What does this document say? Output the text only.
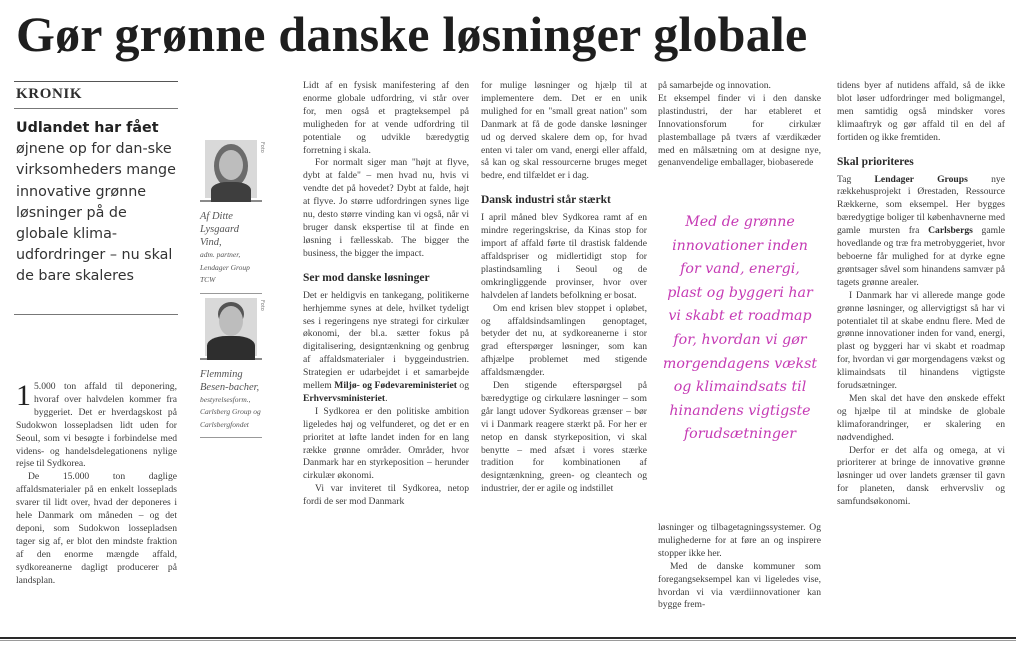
Gør grønne danske løsninger globale
KRONIK
Udlandet har fået øjnene op for dan-ske virksomheders mange innovative grønne løsninger på de globale klima-udfordringer – nu skal de bare skaleres

1 5.000 ton affald til deponering, hvoraf over halvdelen kommer fra byggeriet. Det er hverdagskost på Sudokwon lossepladsen lidt uden for Seoul, som vi besøgte i forbindelse med videns- og handelsdelegationens nylige rejse til Sydkorea.

De 15.000 ton daglige affaldsmaterialer på en enkelt losseplads svarer til lidt over, hvad der deponeres i hele Danmark om måneden – og det deponi, som Sudokwon lossepladsen tager sig af, er blot den mindste fraktion af den enorme mængde affald, sydkoreanerne dagligt producerer på landsplan.

Foto
Af Ditte Lysgaard Vind,
adm. partner, Lendager Group TCW
Foto
Flemming Besen-bacher,
bestyrelsesform., Carlsberg Group og Carlsbergfondet

Lidt af en fysisk manifestering af den enorme globale udfordring, vi står over for, men også et pragteksempel på muligheden for at vende udfordring til potentiale og udvikle bæredygtig forretning i skala.

For normalt siger man "højt at flyve, dybt at falde" – men hvad nu, hvis vi vendte det på hovedet? Dybt at falde, højt at flyve. Jo større udfordringen synes lige nu, desto større vinding kan vi også, når vi bruger dansk ekspertise til at finde en løsning i fællesskab. The bigger the business, the bigger the impact.

Ser mod danske løsninger

Det er heldigvis en tankegang, politikerne herhjemme synes at dele, hvilket tydeligt ses i regeringens nye strategi for cirkulær økonomi, der bl.a. sætter fokus på digitalisering, designtænkning og genbrug af affaldsmaterialer i byggeindustrien. Strategien er udarbejdet i et samarbejde mellem Miljø- og Fødevareministeriet og Erhvervsministeriet.

I Sydkorea er den politiske ambition ligeledes høj og velfunderet, og det er en prioritet at løfte landet inden for en lang række grønne områder. Områder, hvor Danmark har en styrkeposition – herunder cirkulær økonomi.

Vi var inviteret til Sydkorea, netop fordi de ser mod Danmark

for mulige løsninger og hjælp til at implementere dem. Det er en unik mulighed for en "small great nation" som Danmark at få de gode danske løsninger ud og derved skalere dem op, for hvad enten vi taler om vand, energi eller affald, så kan og skal ressourcerne bruges meget bedre, end tilfældet er i dag.

Dansk industri står stærkt

I april måned blev Sydkorea ramt af en mindre regeringskrise, da Kinas stop for import af affald førte til drastisk faldende affaldspriser og midlertidigt stop for plastindsamling i Seoul og de omkringliggende provinser, hvor over halvdelen af landets befolkning er bosat.

Om end krisen blev stoppet i opløbet, og affaldsindsamlingen genoptaget, betyder det nu, at sydkoreanerne i stor grad efterspørger løsninger, som kan afhjælpe problemet med stigende affaldsmængder.

Den stigende efterspørgsel på bæredygtige og cirkulære løsninger – som går langt udover Sydkoreas grænser – bør vi i Danmark reagere stærkt på. For her er netop en dansk styrkeposition, vi skal benytte – med afsæt i vores stærke tradition for kombinationen af designtænkning, green- og cleantech og industrier, der er agile og indstillet

på samarbejde og innovation.

Et eksempel finder vi i den danske plastindustri, der har etableret et Innovationsforum for cirkulær plastemballage på tværs af værdikæder med en målsætning om at designe nye, genanvendelige emballager, biobaserede

Med de grønne innovationer inden for vand, energi, plast og byggeri har vi skabt et roadmap for, hvordan vi gør morgendagens vækst og klimaindsats til hinandens vigtigste forudsætninger

løsninger og tilbagetagningssystemer. Og mulighederne for at føre an og inspirere stopper ikke her.

Med de danske kommuner som foregangseksempel kan vi ligeledes vise, hvordan vi via værdiinnovationer kan bygge frem-

tidens byer af nutidens affald, så de ikke blot løser udfordringer med boligmangel, men samtidig også mindsker vores klimaaftryk og gør affald til en del af fortiden og ikke fremtiden.

Skal prioriteres

Tag Lendager Groups nye rækkehusprojekt i Ørestaden, Ressource Rækkerne, som eksempel. Her bygges bæredygtige boliger til københavnerne med gamle mursten fra Carlsbergs gamle hovedlande og træ fra metrobyggeriet, hvor beboerne får mulighed for at dyrke egne grøntsager såvel som hinandens samvær på tagets grønne arealer.

I Danmark har vi allerede mange gode grønne løsninger, og allervigtigst så har vi potentialet til at skabe endnu flere. Med de grønne innovationer inden for vand, energi, plast og byggeri har vi skabt et roadmap for, hvordan vi gør morgendagens vækst og klimaindsats til hinandens vigtigste forudsætninger.

Men skal det have den ønskede effekt og hjælpe til at mindske de globale klimaforandringer, er skalering en nødvendighed.

Derfor er det alfa og omega, at vi prioriterer at bringe de innovative grønne løsninger ud over landets grænser til gavn for planeten, dansk erhvervsliv og samfundsøkonomi.
